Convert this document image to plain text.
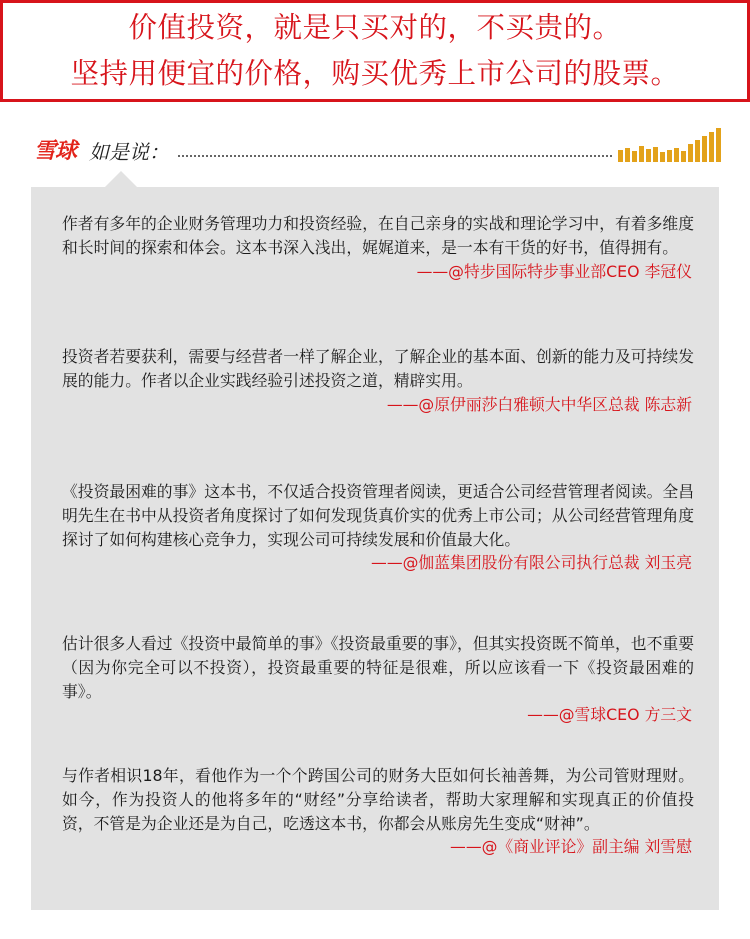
价值投资，就是只买对的，不买贵的。
坚持用便宜的价格，购买优秀上市公司的股票。
雪球 如是说：

作者有多年的企业财务管理功力和投资经验，在自己亲身的实战和理论学习中，有着多维度和长时间的探索和体会。这本书深入浅出，娓娓道来，是一本有干货的好书，值得拥有。

——@特步国际特步事业部CEO 李冠仪

投资者若要获利，需要与经营者一样了解企业，了解企业的基本面、创新的能力及可持续发展的能力。作者以企业实践经验引述投资之道，精辟实用。

——@原伊丽莎白雅顿大中华区总裁 陈志新

《投资最困难的事》这本书，不仅适合投资管理者阅读，更适合公司经营管理者阅读。全昌明先生在书中从投资者角度探讨了如何发现货真价实的优秀上市公司；从公司经营管理角度探讨了如何构建核心竞争力，实现公司可持续发展和价值最大化。

——@伽蓝集团股份有限公司执行总裁 刘玉亮

估计很多人看过《投资中最简单的事》《投资最重要的事》，但其实投资既不简单，也不重要（因为你完全可以不投资），投资最重要的特征是很难，所以应该看一下《投资最困难的事》。

——@雪球CEO 方三文

与作者相识18年，看他作为一个个跨国公司的财务大臣如何长袖善舞，为公司管财理财。如今，作为投资人的他将多年的“财经”分享给读者，帮助大家理解和实现真正的价值投资，不管是为企业还是为自己，吃透这本书，你都会从账房先生变成“财神”。

——@《商业评论》副主编 刘雪慰
